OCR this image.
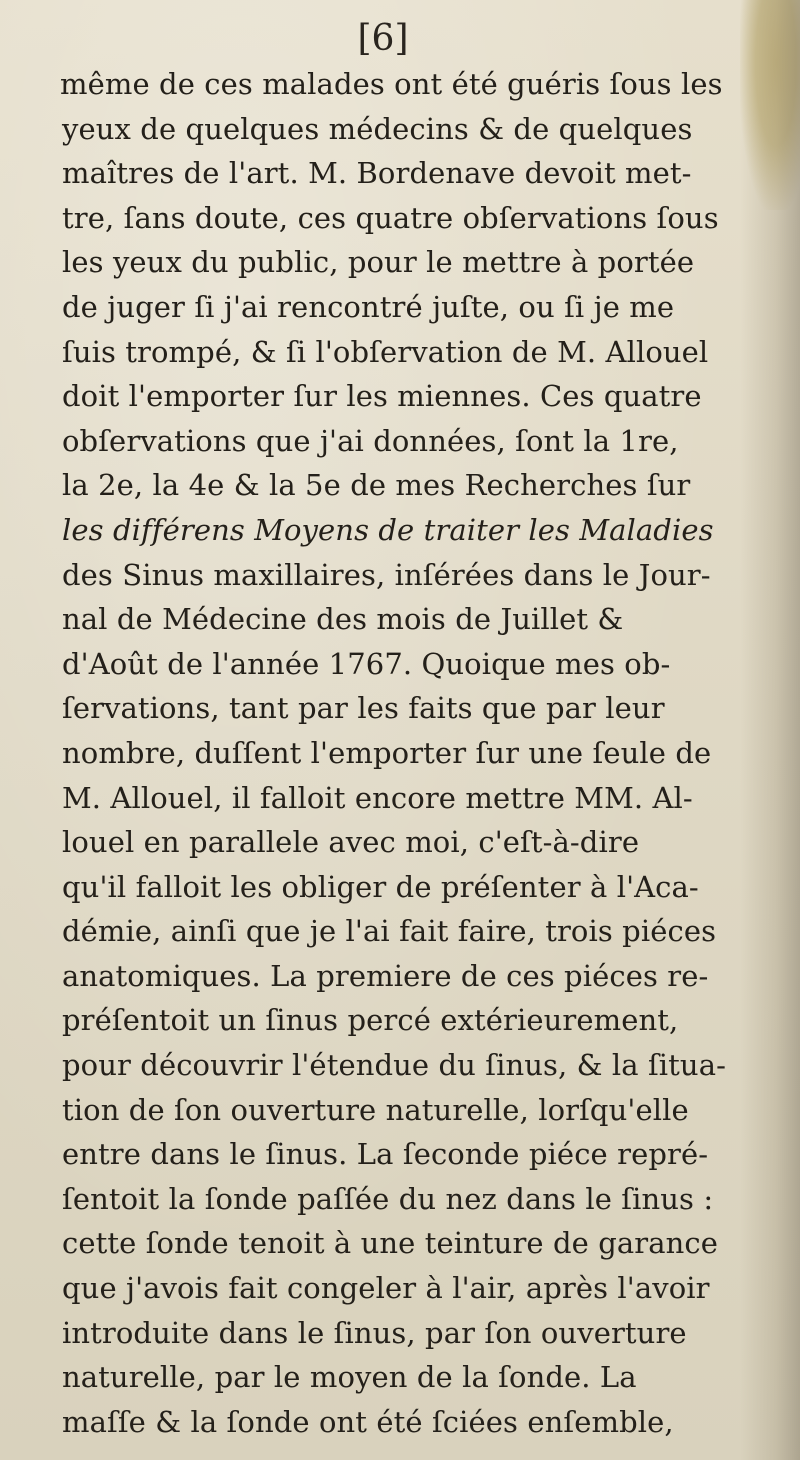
[6]
même de ces malades ont été guéris ſous les
yeux de quelques médecins & de quelques
maîtres de l'art. M. Bordenave devoit met-
tre, ſans doute, ces quatre obſervations ſous
les yeux du public, pour le mettre à portée
de juger ſi j'ai rencontré juſte, ou ſi je me
ſuis trompé, & ſi l'obſervation de M. Allouel
doit l'emporter ſur les miennes. Ces quatre
obſervations que j'ai données, ſont la 1re,
la 2e, la 4e & la 5e de mes Recherches ſur
les différens Moyens de traiter les Maladies
des Sinus maxillaires, inſérées dans le Jour-
nal de Médecine des mois de Juillet &
d'Août de l'année 1767. Quoique mes ob-
ſervations, tant par les faits que par leur
nombre, duſſent l'emporter ſur une ſeule de
M. Allouel, il falloit encore mettre MM. Al-
louel en parallele avec moi, c'eſt-à-dire
qu'il falloit les obliger de préſenter à l'Aca-
démie, ainſi que je l'ai fait faire, trois piéces
anatomiques. La premiere de ces piéces re-
préſentoit un ſinus percé extérieurement,
pour découvrir l'étendue du ſinus, & la ſitua-
tion de ſon ouverture naturelle, lorſqu'elle
entre dans le ſinus. La ſeconde piéce repré-
ſentoit la ſonde paſſée du nez dans le ſinus :
cette ſonde tenoit à une teinture de garance
que j'avois fait congeler à l'air, après l'avoir
introduite dans le ſinus, par ſon ouverture
naturelle, par le moyen de la ſonde. La
maſſe & la ſonde ont été ſciées enſemble,
